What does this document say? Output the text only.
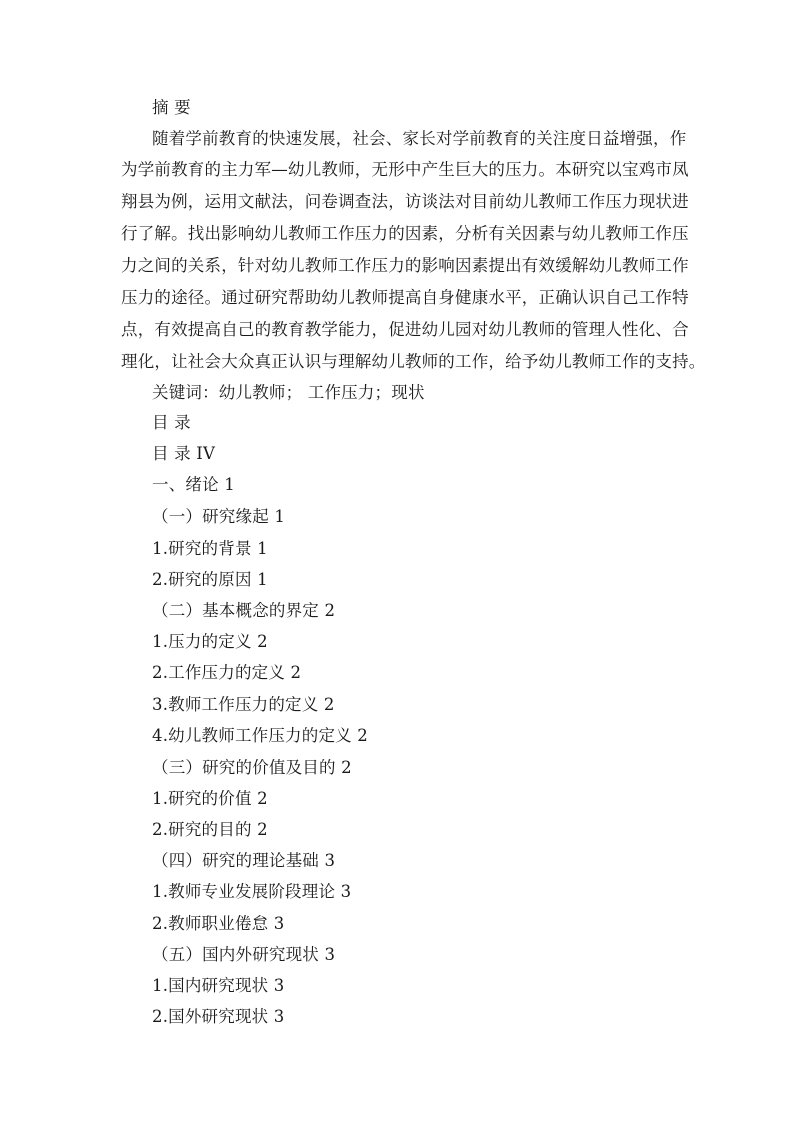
摘 要
随着学前教育的快速发展，社会、家长对学前教育的关注度日益增强，作
为学前教育的主力军—幼儿教师，无形中产生巨大的压力。本研究以宝鸡市凤
翔县为例，运用文献法，问卷调查法，访谈法对目前幼儿教师工作压力现状进
行了解。找出影响幼儿教师工作压力的因素，分析有关因素与幼儿教师工作压
力之间的关系，针对幼儿教师工作压力的影响因素提出有效缓解幼儿教师工作
压力的途径。通过研究帮助幼儿教师提高自身健康水平，正确认识自己工作特
点，有效提高自己的教育教学能力，促进幼儿园对幼儿教师的管理人性化、合
理化，让社会大众真正认识与理解幼儿教师的工作，给予幼儿教师工作的支持。
关键词：幼儿教师； 工作压力；现状
目 录
目 录 IV
一、绪论 1
（一）研究缘起 1
1.研究的背景 1
2.研究的原因 1
（二）基本概念的界定 2
1.压力的定义 2
2.工作压力的定义 2
3.教师工作压力的定义 2
4.幼儿教师工作压力的定义 2
（三）研究的价值及目的 2
1.研究的价值 2
2.研究的目的 2
（四）研究的理论基础 3
1.教师专业发展阶段理论 3
2.教师职业倦怠 3
（五）国内外研究现状 3
1.国内研究现状 3
2.国外研究现状 3
